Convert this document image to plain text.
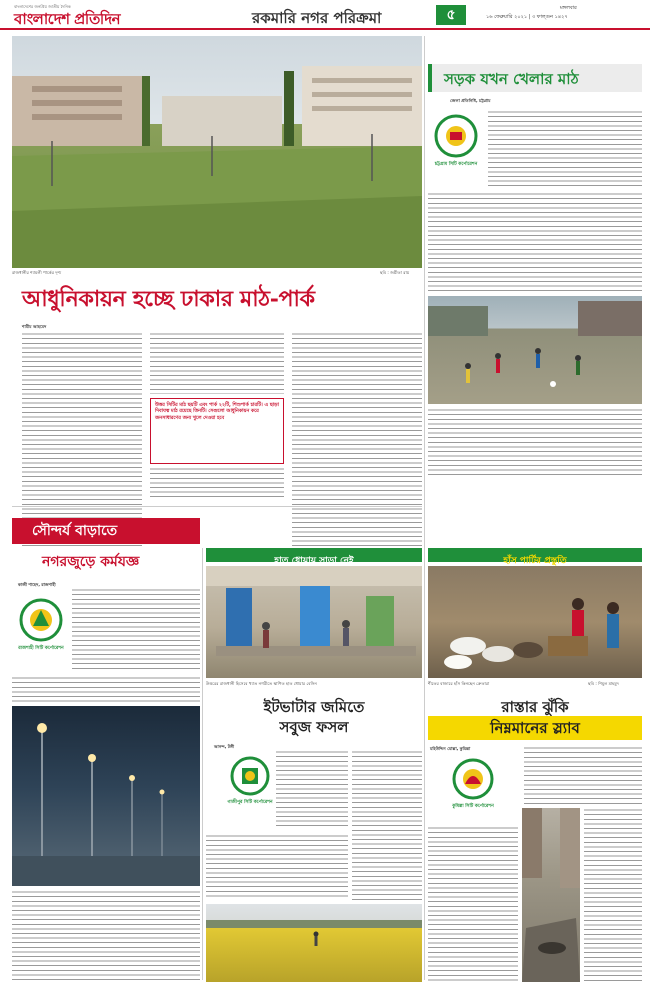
বাংলাদেশের জনপ্রিয় জাতীয় দৈনিক
বাংলাদেশ প্রতিদিন	রকমারি নগর পরিক্রমা	৫	মঙ্গলবার
১৬ ফেব্রুয়ারি ২০২১ | ৩ ফাল্গুন ১৪২৭
রাজধানীর শ্যামলী পার্কের দৃশ্য	ছবি : জয়ীতা রায়
সড়ক যখন খেলার মাঠ
জেলা প্রতিনিধি, চট্টগ্রাম
চট্টগ্রাম সিটি কর্পোরেশন
আধুনিকায়ন হচ্ছে ঢাকার মাঠ-পার্ক
শামীম আহমেদ
উত্তর সিটির মাঠ ছয়টি এবং পার্ক ২২টি, শিশুপার্ক চারটি। এ ছাড়া দিবাযত্ন মাঠ রয়েছে তিনটি। সেগুলো আধুনিকায়ন করে জনসাধারণের জন্য খুলে দেওয়া হবে
হাত ধোয়ায় সাড়া নেই	হাঁস পার্টির প্রস্তুতি
সৌন্দর্য বাড়াতে
নগরজুড়ে কর্মযজ্ঞ
কাজী শাহেদ, রাজশাহী
রাজশাহী সিটি কর্পোরেশন
উত্তরের রাজধানী হিসেবে খ্যাত নগরীতে স্থাপিত হাত ধোয়ার বেসিন	শীতের বাজারে হাঁস কিনছেন ক্রেতারা	ছবি : শিমুল মাহমুদ
ইটভাটার জমিতে
সবুজ ফসল
আনন্দ, টঙ্গী
গাজীপুর সিটি কর্পোরেশন
রাস্তার ঝুঁকি
নিম্নমানের স্ল্যাব
মহিউদ্দিন মোল্লা, কুমিল্লা
কুমিল্লা সিটি কর্পোরেশন
